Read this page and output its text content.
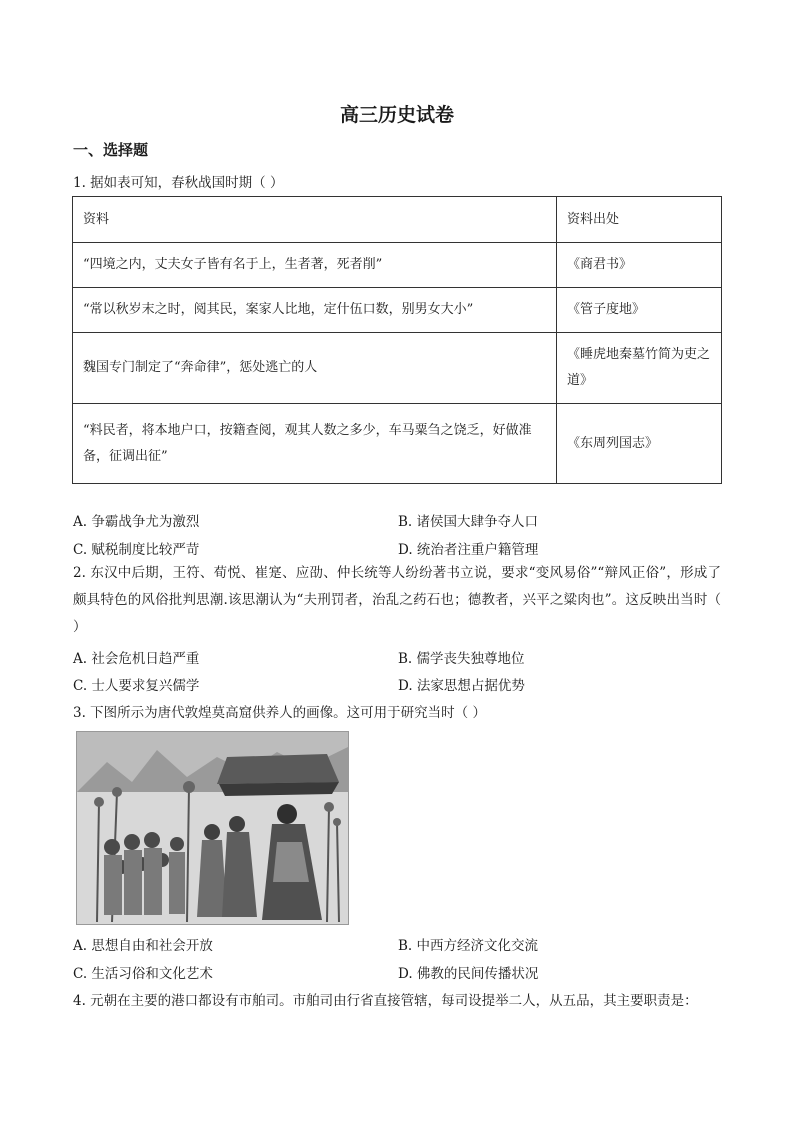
高三历史试卷
一、选择题
1. 据如表可知，春秋战国时期（ ）
资料	资料出处
“四境之内，丈夫女子皆有名于上，生者著，死者削”	《商君书》
“常以秋岁末之时，阅其民，案家人比地，定什伍口数，别男女大小”	《管子度地》
魏国专门制定了“奔命律”，惩处逃亡的人	《睡虎地秦墓竹简为吏之道》
“料民者，将本地户口，按籍查阅，观其人数之多少，车马粟刍之饶乏，好做准备，征调出征”	《东周列国志》
A. 争霸战争尤为激烈	B. 诸侯国大肆争夺人口
C. 赋税制度比较严苛	D. 统治者注重户籍管理
2. 东汉中后期，王符、荀悦、崔寔、应劭、仲长统等人纷纷著书立说，要求“变风易俗”“辩风正俗”，形成了颇具特色的风俗批判思潮.该思潮认为“夫刑罚者，治乱之药石也；德教者，兴平之粱肉也”。这反映出当时（ ）
A. 社会危机日趋严重	B. 儒学丧失独尊地位
C. 士人要求复兴儒学	D. 法家思想占据优势
3. 下图所示为唐代敦煌莫高窟供养人的画像。这可用于研究当时（ ）
A. 思想自由和社会开放	B. 中西方经济文化交流
C. 生活习俗和文化艺术	D. 佛教的民间传播状况
4. 元朝在主要的港口都设有市舶司。市舶司由行省直接管辖，每司设提举二人，从五品，其主要职责是：
